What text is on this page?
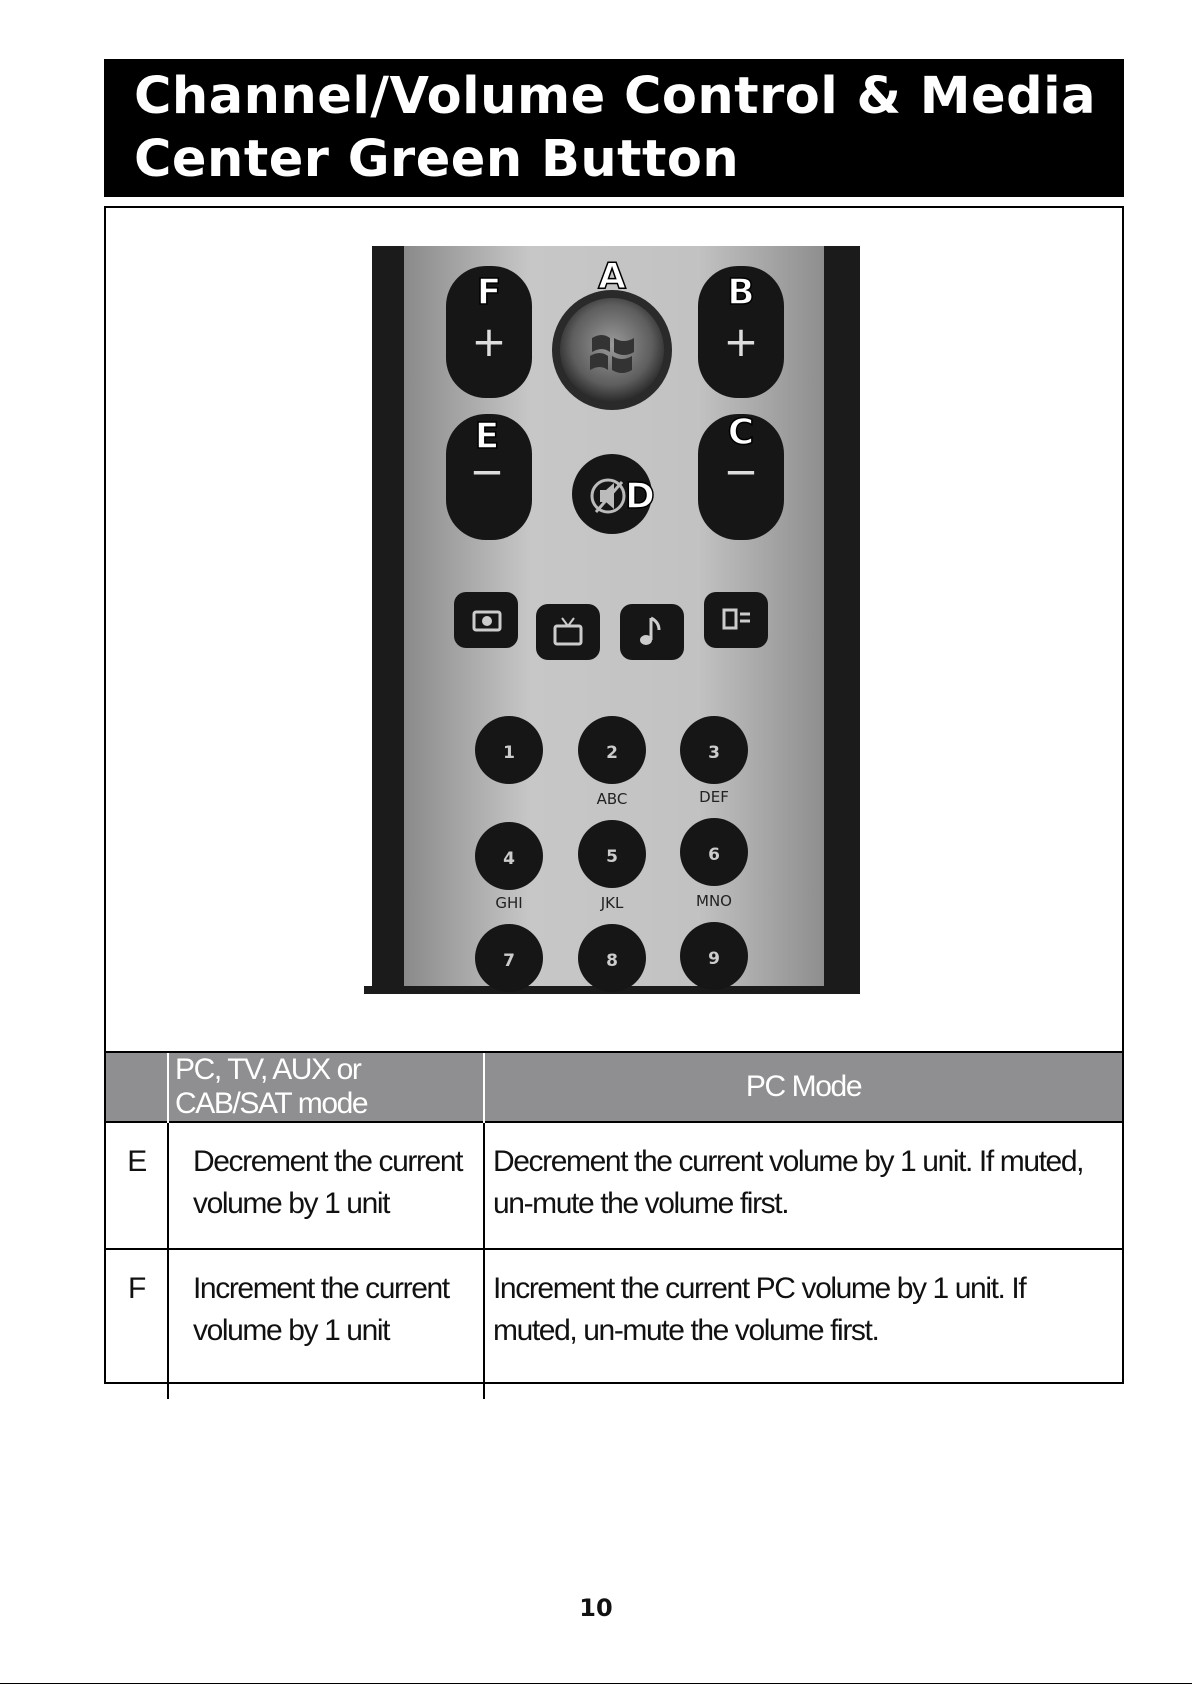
Channel/Volume Control & Media
Center Green Button
F
+
B
+
A
E
−
C
−
D
1	2	3
ABC	DEF
4	5	6
GHI	JKL	MNO
7	8	9
	PC, TV, AUX or CAB/SAT mode	PC Mode
E	Decrement the current volume by 1 unit	Decrement the current volume by 1 unit. If muted, un-mute the volume first.
F	Increment the current volume by 1 unit	Increment the current PC volume by 1 unit. If muted, un-mute the volume first.
10
